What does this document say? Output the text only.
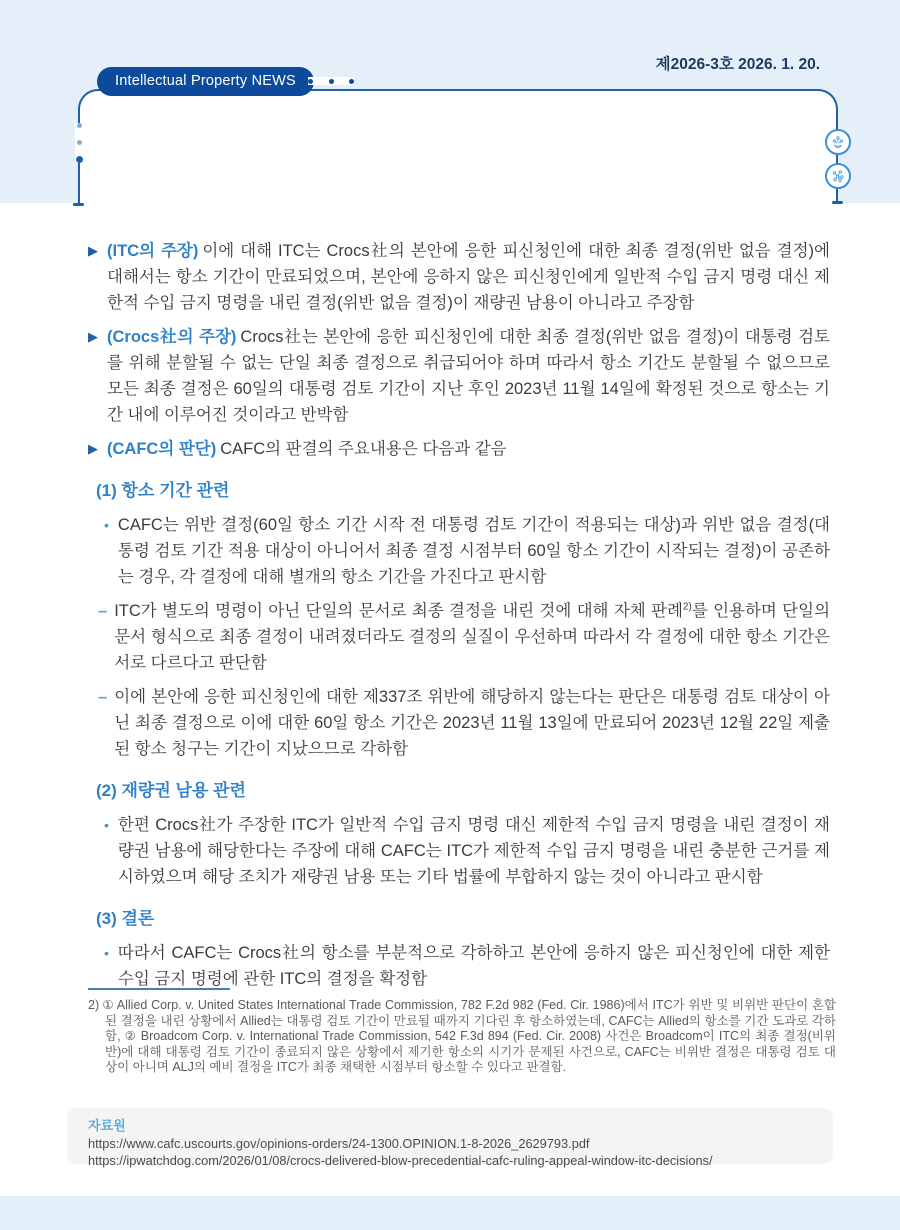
Intellectual Property NEWS
제2026-3호 2026. 1. 20.
▶ (ITC의 주장) 이에 대해 ITC는 Crocs社의 본안에 응한 피신청인에 대한 최종 결정(위반 없음 결정)에 대해서는 항소 기간이 만료되었으며, 본안에 응하지 않은 피신청인에게 일반적 수입 금지 명령 대신 제한적 수입 금지 명령을 내린 결정(위반 없음 결정)이 재량권 남용이 아니라고 주장함

▶ (Crocs社의 주장) Crocs社는 본안에 응한 피신청인에 대한 최종 결정(위반 없음 결정)이 대통령 검토를 위해 분할될 수 없는 단일 최종 결정으로 취급되어야 하며 따라서 항소 기간도 분할될 수 없으므로 모든 최종 결정은 60일의 대통령 검토 기간이 지난 후인 2023년 11월 14일에 확정된 것으로 항소는 기간 내에 이루어진 것이라고 반박함

▶ (CAFC의 판단) CAFC의 판결의 주요내용은 다음과 같음

(1) 항소 기간 관련
• CAFC는 위반 결정(60일 항소 기간 시작 전 대통령 검토 기간이 적용되는 대상)과 위반 없음 결정(대통령 검토 기간 적용 대상이 아니어서 최종 결정 시점부터 60일 항소 기간이 시작되는 결정)이 공존하는 경우, 각 결정에 대해 별개의 항소 기간을 가진다고 판시함

– ITC가 별도의 명령이 아닌 단일의 문서로 최종 결정을 내린 것에 대해 자체 판례$^{2)}$를 인용하며 단일의 문서 형식으로 최종 결정이 내려졌더라도 결정의 실질이 우선하며 따라서 각 결정에 대한 항소 기간은 서로 다르다고 판단함

– 이에 본안에 응한 피신청인에 대한 제337조 위반에 해당하지 않는다는 판단은 대통령 검토 대상이 아닌 최종 결정으로 이에 대한 60일 항소 기간은 2023년 11월 13일에 만료되어 2023년 12월 22일 제출된 항소 청구는 기간이 지났으므로 각하함

(2) 재량권 남용 관련
• 한편 Crocs社가 주장한 ITC가 일반적 수입 금지 명령 대신 제한적 수입 금지 명령을 내린 결정이 재량권 남용에 해당한다는 주장에 대해 CAFC는 ITC가 제한적 수입 금지 명령을 내린 충분한 근거를 제시하였으며 해당 조치가 재량권 남용 또는 기타 법률에 부합하지 않는 것이 아니라고 판시함

(3) 결론
• 따라서 CAFC는 Crocs社의 항소를 부분적으로 각하하고 본안에 응하지 않은 피신청인에 대한 제한 수입 금지 명령에 관한 ITC의 결정을 확정함

2) ① Allied Corp. v. United States International Trade Commission, 782 F.2d 982 (Fed. Cir. 1986)에서 ITC가 위반 및 비위반 판단이 혼합된 결정을 내린 상황에서 Allied는 대통령 검토 기간이 만료될 때까지 기다린 후 항소하였는데, CAFC는 Allied의 항소를 기간 도과로 각하함, ② Broadcom Corp. v. International Trade Commission, 542 F.3d 894 (Fed. Cir. 2008) 사건은 Broadcom이 ITC의 최종 결정(비위반)에 대해 대통령 검토 기간이 종료되지 않은 상황에서 제기한 항소의 시기가 문제된 사건으로, CAFC는 비위반 결정은 대통령 검토 대상이 아니며 ALJ의 예비 결정을 ITC가 최종 채택한 시점부터 항소할 수 있다고 판결함.
자료원
https://www.cafc.uscourts.gov/opinions-orders/24-1300.OPINION.1-8-2026_2629793.pdf
https://ipwatchdog.com/2026/01/08/crocs-delivered-blow-precedential-cafc-ruling-appeal-window-itc-decisions/
